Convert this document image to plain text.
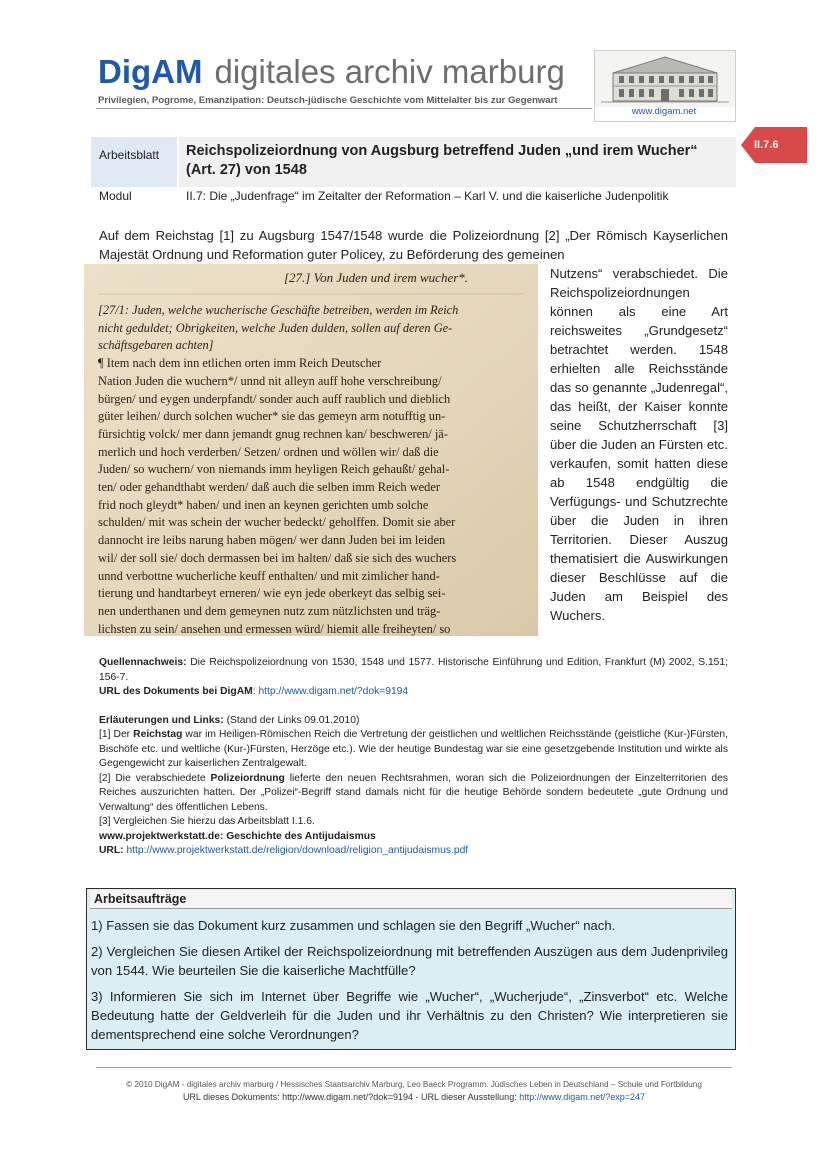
DigAM digitales archiv marburg
Privilegien, Pogrome, Emanzipation: Deutsch-jüdische Geschichte vom Mittelalter bis zur Gegenwart
www.digam.net
II.7.6
Arbeitsblatt Reichspolizeiordnung von Augsburg betreffend Juden „und irem Wucher“ (Art. 27) von 1548
Modul	II.7: Die „Judenfrage“ im Zeitalter der Reformation – Karl V. und die kaiserliche Judenpolitik
Auf dem Reichstag [1] zu Augsburg 1547/1548 wurde die Polizeiordnung [2] „Der Römisch Kayserlichen Majestät Ordnung und Reformation guter Policey, zu Beförderung des gemeinen
Nutzens“ verabschiedet. Die Reichspolizeiordnungen können als eine Art reichsweites „Grundgesetz“ betrachtet werden. 1548 erhielten alle Reichsstände das so genannte „Judenregal“, das heißt, der Kaiser konnte seine Schutzherrschaft [3] über die Juden an Fürsten etc. verkaufen, somit hatten diese ab 1548 endgültig die Verfügungs- und Schutzrechte über die Juden in ihren Territorien. Dieser Auszug thematisiert die Auswirkungen dieser Beschlüsse auf die Juden am Beispiel des Wuchers.
[27.] Von Juden und irem wucher*.
[27/1: Juden, welche wucherische Geschäfte betreiben, werden im Reich
nicht geduldet; Obrigkeiten, welche Juden dulden, sollen auf deren Ge-
schäftsgebaren achten]
¶ Item nach dem inn etlichen orten imm Reich Deutscher
Nation Juden die wuchern*/ unnd nit alleyn auff hohe verschreibung/
bürgen/ und eygen underpfandt/ sonder auch auff raublich und dieblich
güter leihen/ durch solchen wucher* sie das gemeyn arm notufftig un-
fürsichtig volck/ mer dann jemandt gnug rechnen kan/ beschweren/ jä-
merlich und hoch verderben/ Setzen/ ordnen und wöllen wir/ daß die
Juden/ so wuchern/ von niemands imm heyligen Reich gehaußt/ gehal-
ten/ oder gehandthabt werden/ daß auch die selben imm Reich weder
frid noch gleydt* haben/ und inen an keynen gerichten umb solche
schulden/ mit was schein der wucher bedeckt/ geholffen. Domit sie aber
dannocht ire leibs narung haben mögen/ wer dann Juden bei im leiden
wil/ der soll sie/ doch dermassen bei im halten/ daß sie sich des wuchers
unnd verbottne wucherliche keuff enthalten/ und mit zimlicher hand-
tierung und handtarbeyt erneren/ wie eyn jede oberkeyt das selbig sei-
nen underthanen und dem gemeynen nutz zum nützlichsten und träg-
lichsten zu sein/ ansehen und ermessen würd/ hiemit alle freiheyten/ so

Quellennachweis: Die Reichspolizeiordnung von 1530, 1548 und 1577. Historische Einführung und Edition, Frankfurt (M) 2002, S.151; 156-7.

URL des Dokuments bei DigAM: http://www.digam.net/?dok=9194

Erläuterungen und Links: (Stand der Links 09.01.2010)

[1] Der Reichstag war im Heiligen-Römischen Reich die Vertretung der geistlichen und weltlichen Reichsstände (geistliche (Kur-)Fürsten, Bischöfe etc. und weltliche (Kur-)Fürsten, Herzöge etc.). Wie der heutige Bundestag war sie eine gesetzgebende Institution und wirkte als Gegengewicht zur kaiserlichen Zentralgewalt.

[2] Die verabschiedete Polizeiordnung lieferte den neuen Rechtsrahmen, woran sich die Polizeiordnungen der Einzelterritorien des Reiches auszurichten hatten. Der „Polizei“-Begriff stand damals nicht für die heutige Behörde sondern bedeutete „gute Ordnung und Verwaltung“ des öffentlichen Lebens.

[3] Vergleichen Sie hierzu das Arbeitsblatt I.1.6.

www.projektwerkstatt.de: Geschichte des Antijudaismus

URL: http://www.projektwerkstatt.de/religion/download/religion_antijudaismus.pdf

Arbeitsaufträge

1) Fassen sie das Dokument kurz zusammen und schlagen sie den Begriff „Wucher“ nach.

2) Vergleichen Sie diesen Artikel der Reichspolizeiordnung mit betreffenden Auszügen aus dem Judenprivileg von 1544. Wie beurteilen Sie die kaiserliche Machtfülle?

3) Informieren Sie sich im Internet über Begriffe wie „Wucher“, „Wucherjude“, „Zinsverbot“ etc. Welche Bedeutung hatte der Geldverleih für die Juden und ihr Verhältnis zu den Christen? Wie interpretieren sie dementsprechend eine solche Verordnungen?

© 2010 DigAM - digitales archiv marburg / Hessisches Staatsarchiv Marburg, Leo Baeck Programm. Jüdisches Leben in Deutschland – Schule und Fortbildung
URL dieses Dokuments: http://www.digam.net/?dok=9194 - URL dieser Ausstellung: http://www.digam.net/?exp=247
